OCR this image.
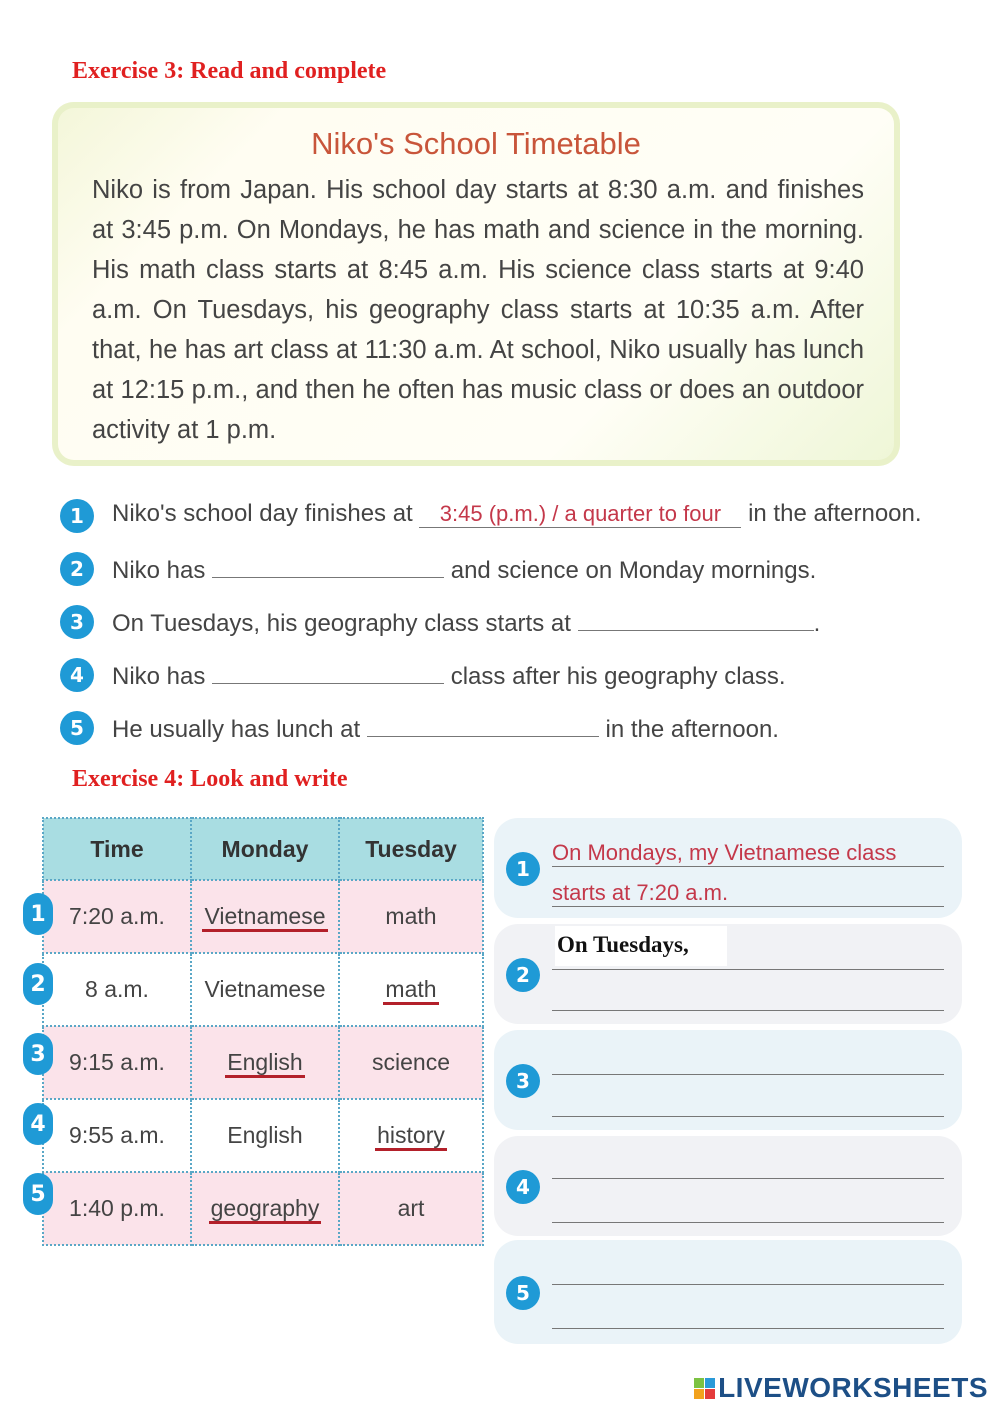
Exercise 3: Read and complete
Niko's School Timetable
Niko is from Japan. His school day starts at 8:30 a.m. and finishes at 3:45 p.m. On Mondays, he has math and science in the morning. His math class starts at 8:45 a.m. His science class starts at 9:40 a.m. On Tuesdays, his geography class starts at 10:35 a.m. After that, he has art class at 11:30 a.m. At school, Niko usually has lunch at 12:15 p.m., and then he often has music class or does an outdoor activity at 1 p.m.
1	Niko's school day finishes at 3:45 (p.m.) / a quarter to four in the afternoon.
2	Niko has	and science on Monday mornings.
3	On Tuesdays, his geography class starts at	.
4	Niko has	class after his geography class.
5	He usually has lunch at	in the afternoon.
Exercise 4: Look and write
Time	Monday	Tuesday
7:20 a.m.	Vietnamese	math
8 a.m.	Vietnamese	math
9:15 a.m.	English	science
9:55 a.m.	English	history
1:40 p.m.	geography	art
1
2
3
4
5
1
On Mondays, my Vietnamese class
starts at 7:20 a.m.
2
On Tuesdays,
3
4
5
LIVEWORKSHEETS
